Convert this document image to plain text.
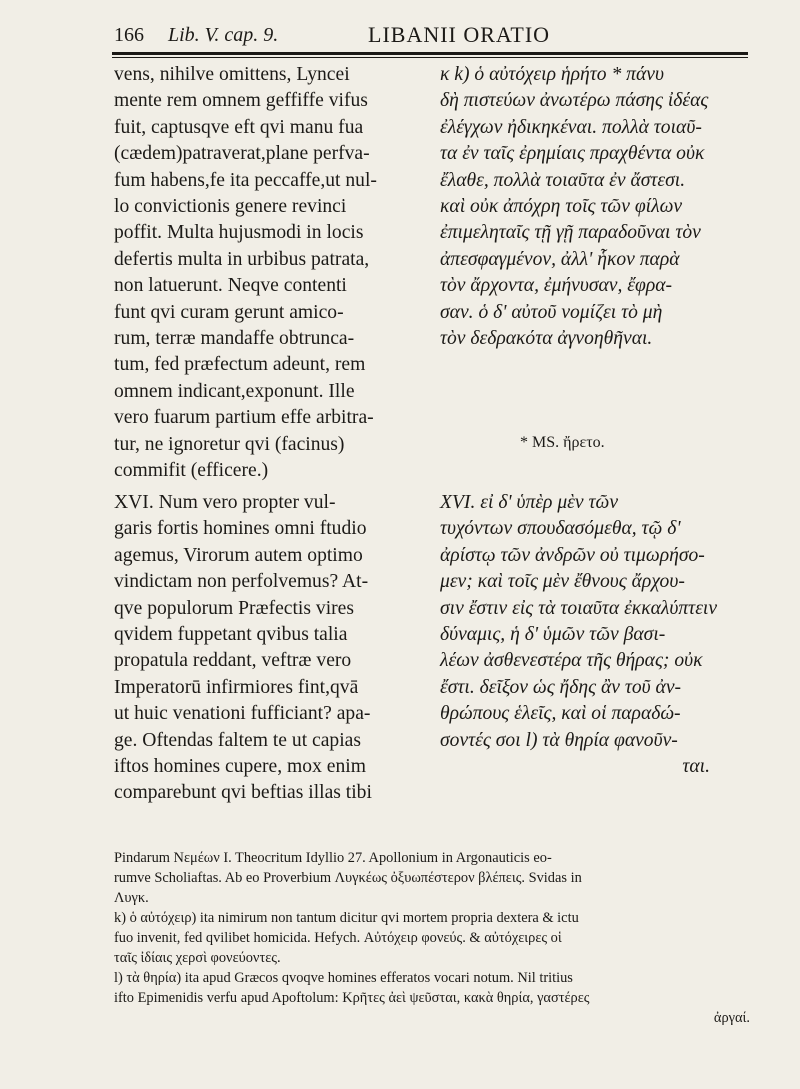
166 Lib. V. cap. 9.	LIBANII ORATIO
vens, nihilve omittens, Lyncei
mente rem omnem geffiffe vifus
fuit, captusqve eft qvi manu fua
(cædem)patraverat,plane perfva-
fum habens,fe ita peccaffe,ut nul-
lo convictionis genere revinci
poffit. Multa hujusmodi in locis
defertis multa in urbibus patrata,
non latuerunt. Neqve contenti
funt qvi curam gerunt amico-
rum, terræ mandaffe obtrunca-
tum, fed præfectum adeunt, rem
omnem indicant,exponunt. Ille
vero fuarum partium effe arbitra-
tur, ne ignoretur qvi (facinus)
commifit (efficere.)
κ k) ὁ αὐτόχειρ ἡρήτο * πάνυ
δὴ πιστεύων ἀνωτέρω πάσης ἰδέας
ἐλέγχων ἠδικηκέναι. πολλὰ τοιαῦ-
τα ἐν ταῖς ἐρημίαις πραχθέντα οὐκ
ἔλαθε, πολλὰ τοιαῦτα ἐν ἄστεσι.
καὶ οὐκ ἀπόχρη τοῖς τῶν φίλων
ἐπιμεληταῖς τῇ γῇ παραδοῦναι τὸν
ἀπεσφαγμένον, ἀλλ' ἧκον παρὰ
τὸν ἄρχοντα, ἐμήνυσαν, ἔφρα-
σαν. ὁ δ' αὐτοῦ νομίζει τὸ μὴ
τὸν δεδρακότα ἀγνοηθῆναι.
* MS. ἤρετο.
XVI. Num vero propter vul-
garis fortis homines omni ftudio
agemus, Virorum autem optimo
vindictam non perfolvemus? At-
qve populorum Præfectis vires
qvidem fuppetant qvibus talia
propatula reddant, veftræ vero
Imperatorū infirmiores fint,qvā
ut huic venationi fufficiant? apa-
ge. Oftendas faltem te ut capias
iftos homines cupere, mox enim
comparebunt qvi beftias illas tibi
XVI. εἰ δ' ὑπὲρ μὲν τῶν
τυχόντων σπουδασόμεθα, τῷ δ'
ἀρίστῳ τῶν ἀνδρῶν οὐ τιμωρήσο-
μεν; καὶ τοῖς μὲν ἔθνους ἄρχου-
σιν ἔστιν εἰς τὰ τοιαῦτα ἐκκαλύπτειν
δύναμις, ἡ δ' ὑμῶν τῶν βασι-
λέων ἀσθενεστέρα τῆς θήρας; οὐκ
ἔστι. δεῖξον ὡς ἤδης ἂν τοῦ ἀν-
θρώπους ἑλεῖς, καὶ οἱ παραδώ-
σοντές σοι l) τὰ θηρία φανοῦν-
ται.
Pindarum Νεμέων I. Theocritum Idyllio 27. Apollonium in Argonauticis eo-
rumve Scholiaftas. Ab eo Proverbium Λυγκέως ὀξυωπέστερον βλέπεις. Svidas in
Λυγκ.
k) ὁ αὐτόχειρ) ita nimirum non tantum dicitur qvi mortem propria dextera & ictu
fuo invenit, fed qvilibet homicida. Hefych. Αὐτόχειρ φονεύς. & αὐτόχειρες οἱ
ταῖς ἰδίαις χερσὶ φονεύοντες.
l) τὰ θηρία) ita apud Græcos qvoqve homines efferatos vocari notum. Nil tritius
ifto Epimenidis verfu apud Apoftolum: Κρῆτες ἀεὶ ψεῦσται, κακὰ θηρία, γαστέρες
ἀργαί.
